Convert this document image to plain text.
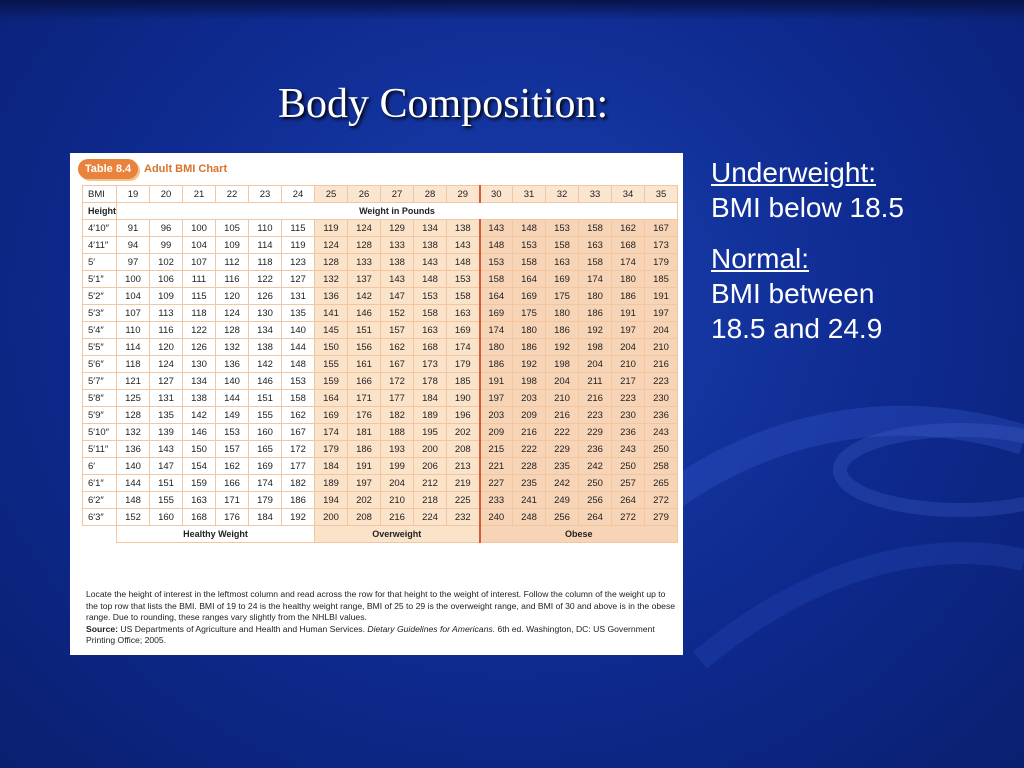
Body Composition:
Table 8.4	Adult BMI Chart
BMI	19	20	21	22	23	24	25	26	27	28	29	30	31	32	33	34	35
Height	Weight in Pounds																
4′10″	91	96	100	105	110	115	119	124	129	134	138	143	148	153	158	162	167
4′11″	94	99	104	109	114	119	124	128	133	138	143	148	153	158	163	168	173
5′	97	102	107	112	118	123	128	133	138	143	148	153	158	163	158	174	179
5′1″	100	106	111	116	122	127	132	137	143	148	153	158	164	169	174	180	185
5′2″	104	109	115	120	126	131	136	142	147	153	158	164	169	175	180	186	191
5′3″	107	113	118	124	130	135	141	146	152	158	163	169	175	180	186	191	197
5′4″	110	116	122	128	134	140	145	151	157	163	169	174	180	186	192	197	204
5′5″	114	120	126	132	138	144	150	156	162	168	174	180	186	192	198	204	210
5′6″	118	124	130	136	142	148	155	161	167	173	179	186	192	198	204	210	216
5′7″	121	127	134	140	146	153	159	166	172	178	185	191	198	204	211	217	223
5′8″	125	131	138	144	151	158	164	171	177	184	190	197	203	210	216	223	230
5′9″	128	135	142	149	155	162	169	176	182	189	196	203	209	216	223	230	236
5′10″	132	139	146	153	160	167	174	181	188	195	202	209	216	222	229	236	243
5′11″	136	143	150	157	165	172	179	186	193	200	208	215	222	229	236	243	250
6′	140	147	154	162	169	177	184	191	199	206	213	221	228	235	242	250	258
6′1″	144	151	159	166	174	182	189	197	204	212	219	227	235	242	250	257	265
6′2″	148	155	163	171	179	186	194	202	210	218	225	233	241	249	256	264	272
6′3″	152	160	168	176	184	192	200	208	216	224	232	240	248	256	264	272	279
	Healthy Weight						Overweight					Obese					
Locate the height of interest in the leftmost column and read across the row for that height to the weight of interest. Follow the column of the weight up to the top row that lists the BMI. BMI of 19 to 24 is the healthy weight range, BMI of 25 to 29 is the overweight range, and BMI of 30 and above is in the obese range. Due to rounding, these ranges vary slightly from the NHLBI values.
Source: US Departments of Agriculture and Health and Human Services. Dietary Guidelines for Americans. 6th ed. Washington, DC: US Government Printing Office; 2005.
Underweight:
BMI below 18.5
Normal:
BMI between
18.5 and 24.9
